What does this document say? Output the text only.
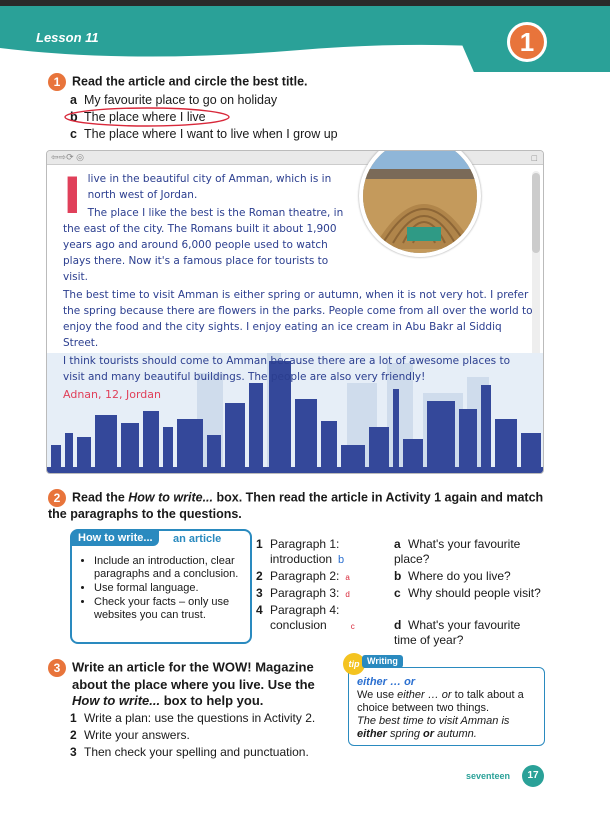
Lesson 11	1
Writing
1 Read the article and circle the best title.
a My favourite place to go on holiday
b The place where I live
c The place where I want to live when I grow up
⇦⇨⟳ ◎	□
I live in the beautiful city of Amman, which is in north west of Jordan.

The place I like the best is the Roman theatre, in the east of the city. The Romans built it about 1,900 years ago and around 6,000 people used to watch plays there. Now it's a famous place for tourists to visit.

The best time to visit Amman is either spring or autumn, when it is not very hot. I prefer the spring because there are flowers in the parks. People come from all over the world to enjoy the food and the city sights. I enjoy eating an ice cream in Abu Bakr al Siddiq Street.

I think tourists should come to Amman because there are a lot of awesome places to visit and many beautiful buildings. The people are also very friendly!

Adnan, 12, Jordan

2 Read the How to write... box. Then read the article in Activity 1 again and match the paragraphs to the questions.
How to write...	an article
• Include an introduction, clear paragraphs and a conclusion.
• Use formal language.
• Check your facts – only use websites you can trust.
1 Paragraph 1:
introduction b
2 Paragraph 2: a
3 Paragraph 3: d
4 Paragraph 4:
conclusion	c
a What's your favourite place?
b Where do you live?
c Why should people visit?
d What's your favourite time of year?
3 Write an article for the WOW! Magazine
about the place where you live. Use the
How to write... box to help you.
1 Write a plan: use the questions in Activity 2.
2 Write your answers.
3 Then check your spelling and punctuation.
either … or
We use either … or to talk about a choice between two things.
The best time to visit Amman is either spring or autumn.
tip Writing
seventeen	17
